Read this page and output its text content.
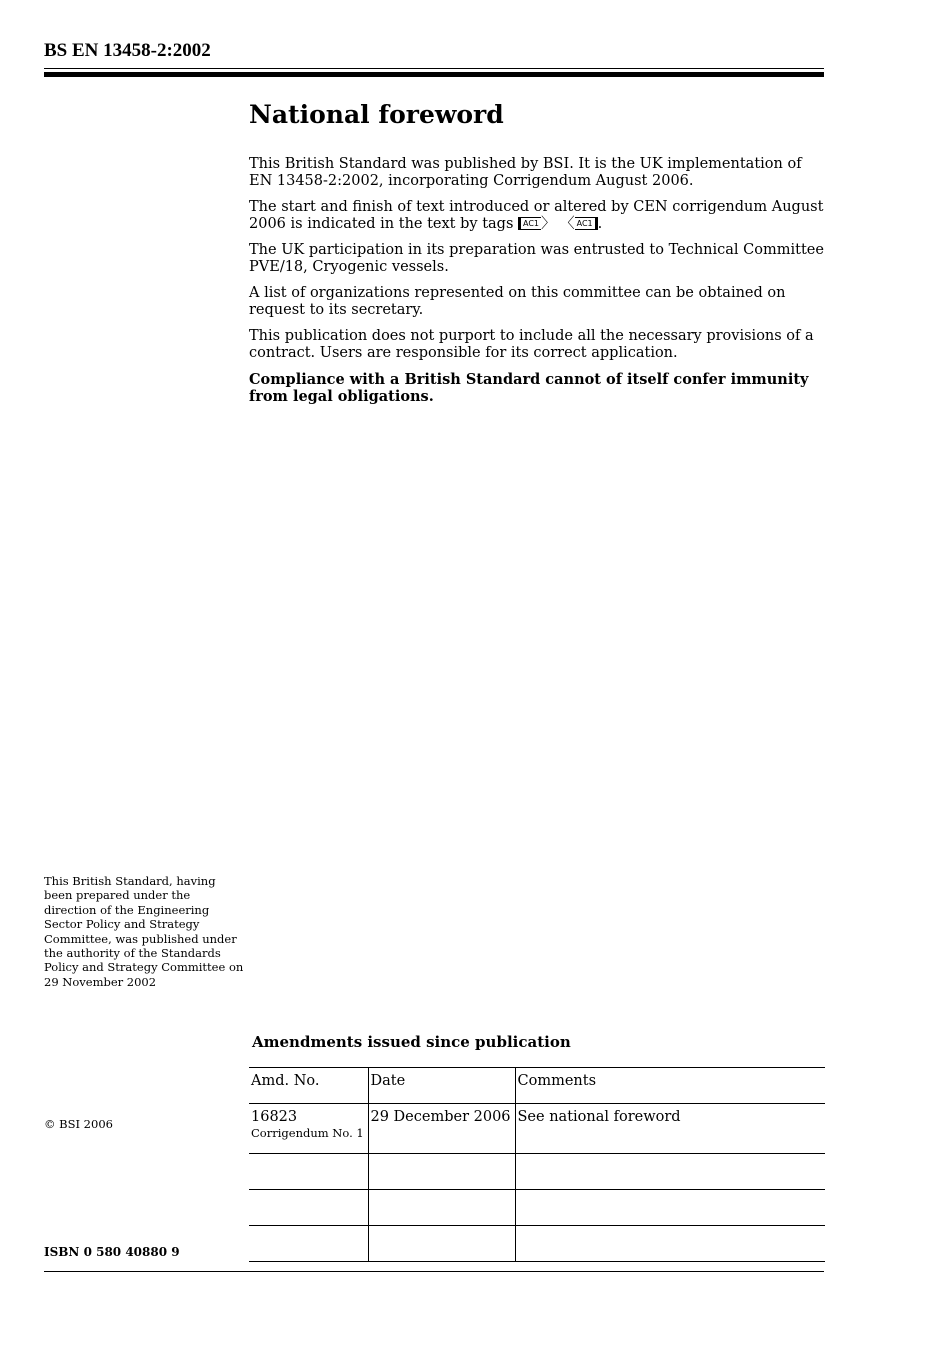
BS EN 13458-2:2002
National foreword

This British Standard was published by BSI. It is the UK implementation of EN 13458-2:2002, incorporating Corrigendum August 2006.

The start and finish of text introduced or altered by CEN corrigendum August 2006 is indicated in the text by tags AC1 〉 〈 AC1 .

The UK participation in its preparation was entrusted to Technical Committee PVE/18, Cryogenic vessels.

A list of organizations represented on this committee can be obtained on request to its secretary.

This publication does not purport to include all the necessary provisions of a contract. Users are responsible for its correct application.

Compliance with a British Standard cannot of itself confer immunity from legal obligations.

This British Standard, having been prepared under the direction of the Engineering Sector Policy and Strategy Committee, was published under the authority of the Standards Policy and Strategy Committee on 29 November 2002
© BSI 2006
ISBN 0 580 40880 9
Amendments issued since publication
Amd. No.	Date	Comments
16823
Corrigendum No. 1	29 December 2006	See national foreword
